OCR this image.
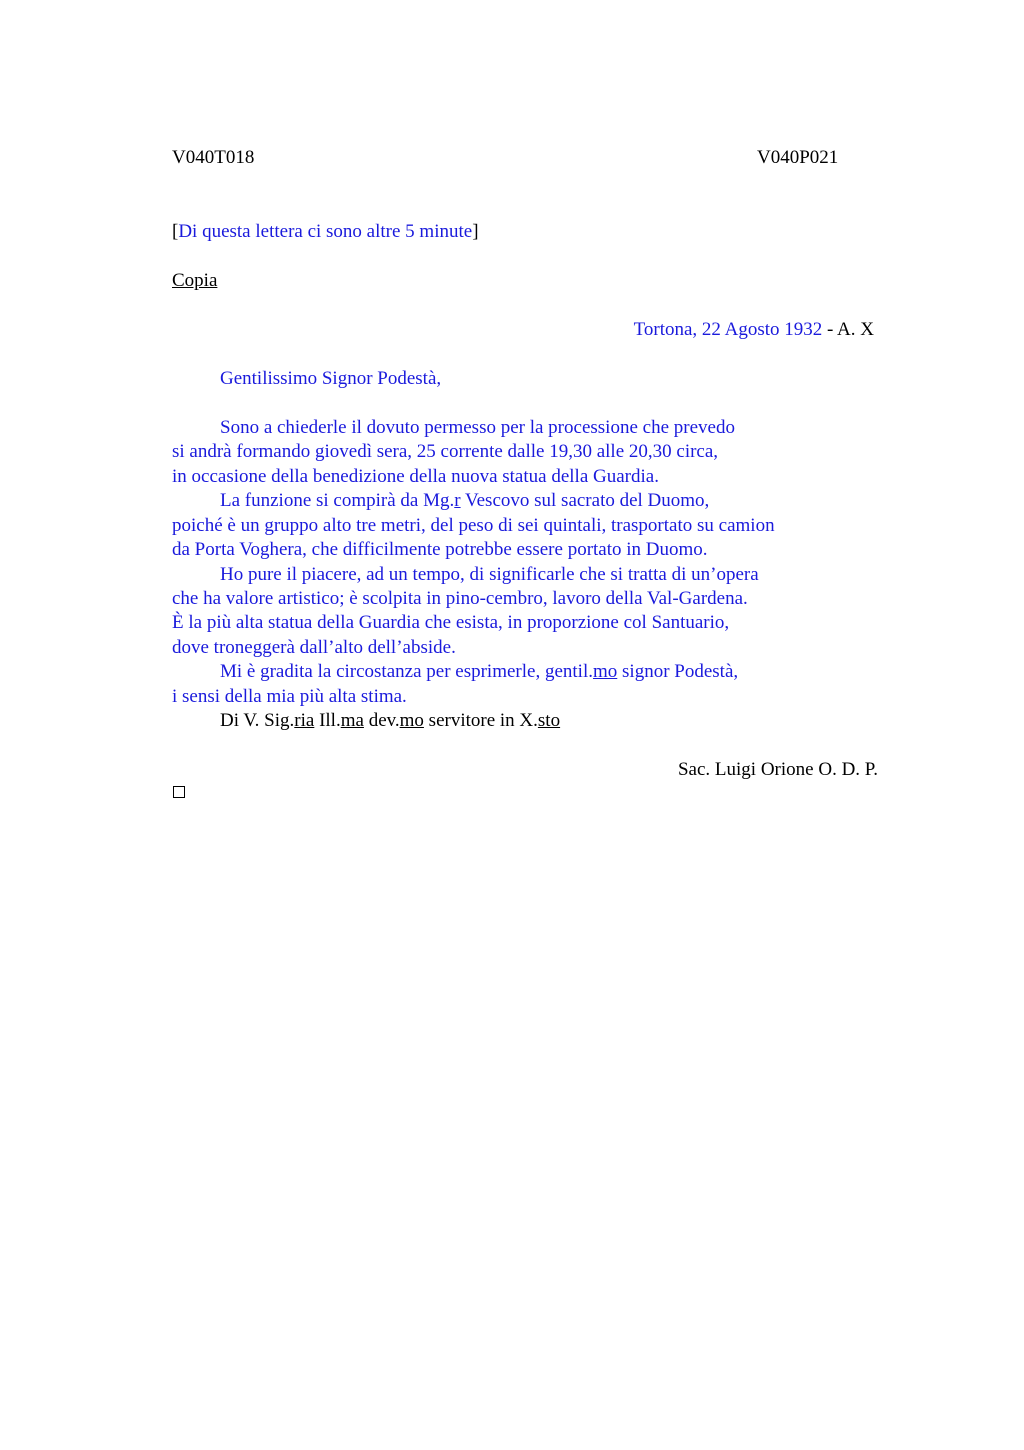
V040T018	V040P021
[Di questa lettera ci sono altre 5 minute]
Copia
Tortona, 22 Agosto 1932 - A. X
Gentilissimo Signor Podestà,
Sono a chiederle il dovuto permesso per la processione che prevedo
si andrà formando giovedì sera, 25 corrente dalle 19,30 alle 20,30 circa,
in occasione della benedizione della nuova statua della Guardia.
La funzione si compirà da Mg.r Vescovo sul sacrato del Duomo,
poiché è un gruppo alto tre metri, del peso di sei quintali, trasportato su camion
da Porta Voghera, che difficilmente potrebbe essere portato in Duomo.
Ho pure il piacere, ad un tempo, di significarle che si tratta di un’opera
che ha valore artistico; è scolpita in pino-cembro, lavoro della Val-Gardena.
È la più alta statua della Guardia che esista, in proporzione col Santuario,
dove troneggerà dall’alto dell’abside.
Mi è gradita la circostanza per esprimerle, gentil.mo signor Podestà,
i sensi della mia più alta stima.
Di V. Sig.ria Ill.ma dev.mo servitore in X.sto
Sac. Luigi Orione O. D. P.
